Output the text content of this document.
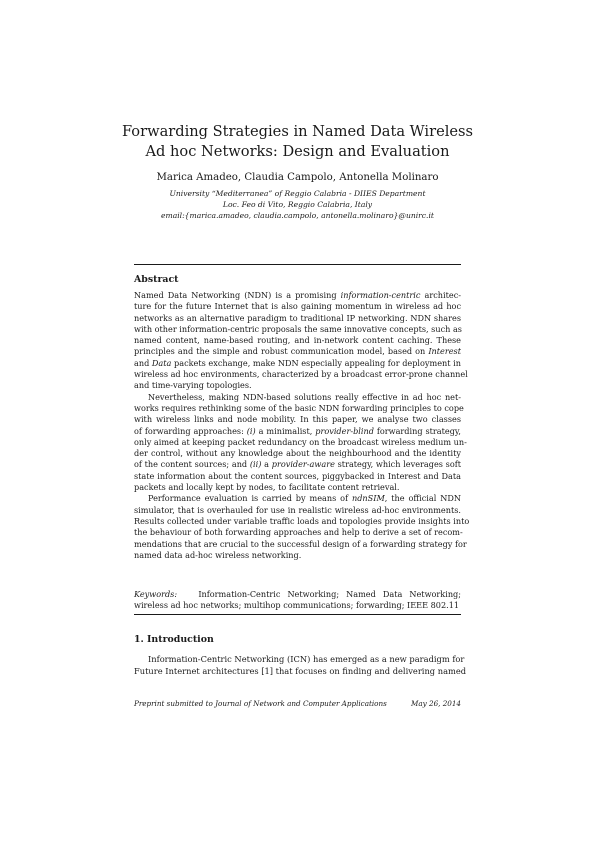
Forwarding Strategies in Named Data Wireless
Ad hoc Networks: Design and Evaluation
Marica Amadeo, Claudia Campolo, Antonella Molinaro
University “Mediterranea” of Reggio Calabria - DIIES Department
Loc. Feo di Vito, Reggio Calabria, Italy
email:{marica.amadeo, claudia.campolo, antonella.molinaro}@unirc.it
Abstract
Named Data Networking (NDN) is a promising information-centric architec-
ture for the future Internet that is also gaining momentum in wireless ad hoc
networks as an alternative paradigm to traditional IP networking. NDN shares
with other information-centric proposals the same innovative concepts, such as
named content, name-based routing, and in-network content caching. These
principles and the simple and robust communication model, based on Interest
and Data packets exchange, make NDN especially appealing for deployment in
wireless ad hoc environments, characterized by a broadcast error-prone channel
and time-varying topologies.
Nevertheless, making NDN-based solutions really effective in ad hoc net-
works requires rethinking some of the basic NDN forwarding principles to cope
with wireless links and node mobility. In this paper, we analyse two classes
of forwarding approaches: (i) a minimalist, provider-blind forwarding strategy,
only aimed at keeping packet redundancy on the broadcast wireless medium un-
der control, without any knowledge about the neighbourhood and the identity
of the content sources; and (ii) a provider-aware strategy, which leverages soft
state information about the content sources, piggybacked in Interest and Data
packets and locally kept by nodes, to facilitate content retrieval.
Performance evaluation is carried by means of ndnSIM, the official NDN
simulator, that is overhauled for use in realistic wireless ad-hoc environments.
Results collected under variable traffic loads and topologies provide insights into
the behaviour of both forwarding approaches and help to derive a set of recom-
mendations that are crucial to the successful design of a forwarding strategy for
named data ad-hoc wireless networking.
Keywords:	Information-Centric Networking; Named Data Networking;
wireless ad hoc networks; multihop communications; forwarding; IEEE 802.11
1. Introduction
Information-Centric Networking (ICN) has emerged as a new paradigm for
Future Internet architectures [1] that focuses on finding and delivering named
Preprint submitted to Journal of Network and Computer Applications	May 26, 2014
